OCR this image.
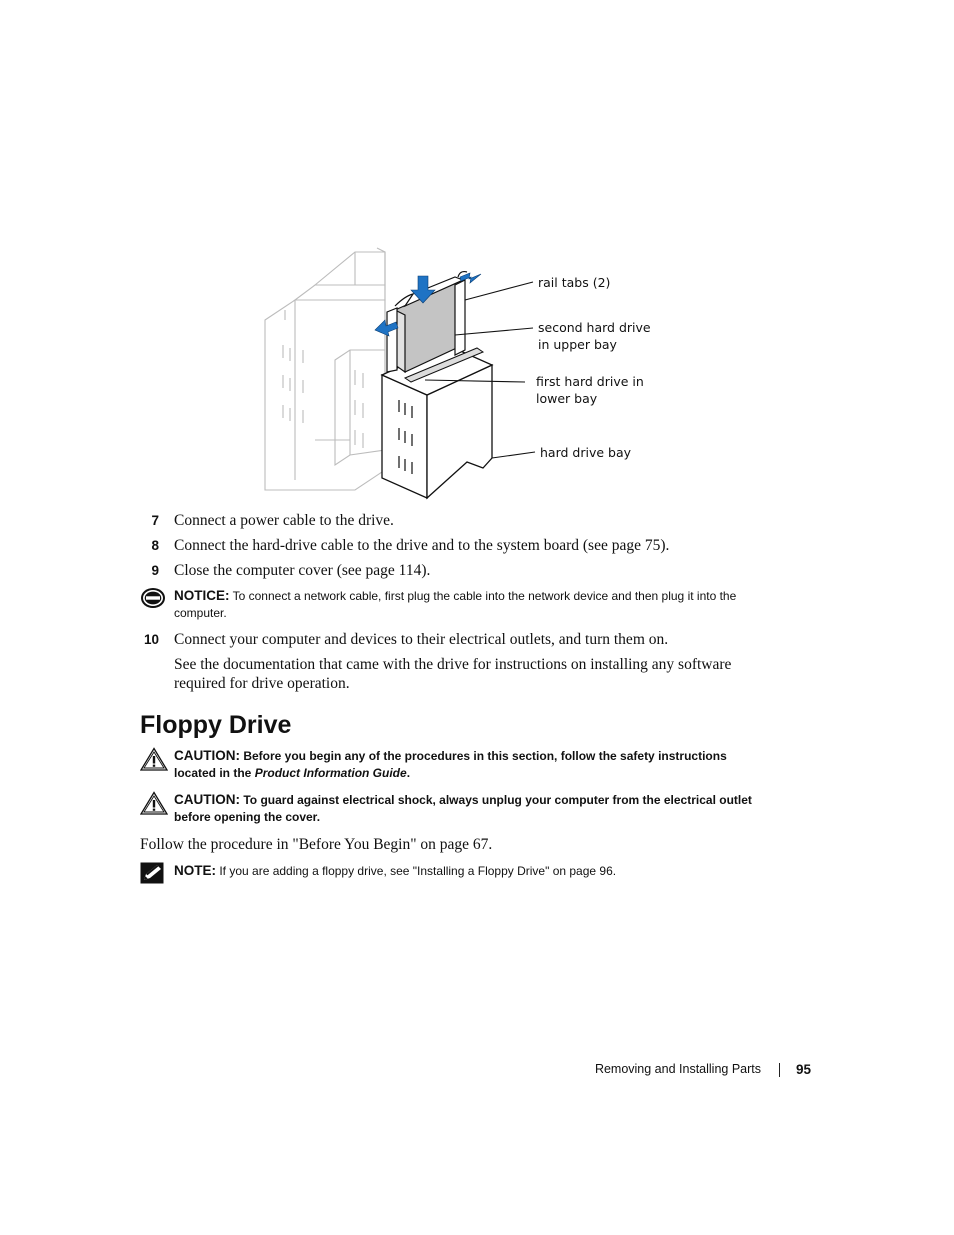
rail tabs (2)
second hard drive
in upper bay
first hard drive in
lower bay
hard drive bay
7 Connect a power cable to the drive.
8 Connect the hard-drive cable to the drive and to the system board (see page 75).
9 Close the computer cover (see page 114).
NOTICE: To connect a network cable, first plug the cable into the network device and then plug it into the computer.
10 Connect your computer and devices to their electrical outlets, and turn them on.
See the documentation that came with the drive for instructions on installing any software required for drive operation.
Floppy Drive
CAUTION: Before you begin any of the procedures in this section, follow the safety instructions located in the Product Information Guide.
CAUTION: To guard against electrical shock, always unplug your computer from the electrical outlet before opening the cover.
Follow the procedure in "Before You Begin" on page 67.
NOTE: If you are adding a floppy drive, see "Installing a Floppy Drive" on page 96.
Removing and Installing Parts	95
